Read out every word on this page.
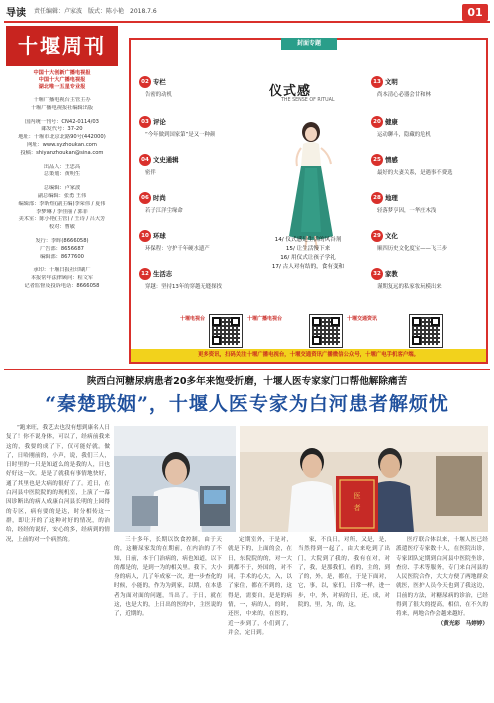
导读 责任编辑：卢家波　版式：陈小艳　2018.7.6	01
十堰周刊
中国十大创新广播电视报
中国十大广播电视报
湖北唯一五星专业报
十堰广播电视台主管主办
十堰广播电视报社编辑出版
国内统一刊号：CN42-0114/03
邮发代号：37-20
地址：十堰市北京北路90号(442000)
网址：www.syzhoukan.com
投稿：shiyanzhoukan@sina.com
出品人：王忠高
总策划：黄明生
总编辑：卢家波
副总编辑：张勇 王伟
编辑部：李昕煜(副主编)李荣伟 / 夏伟
李梦琳 / 李佳丽 / 郭菲
美术室：陈小艳(主管) / 王诗 / 吕大芳
校对：曹敏
发行：李晖(8666058)
广告部：8656687
编辑部：8677600
承印：十堰日报社印刷厂
本报常年法律顾问：程文军
记者监督及投诉电话：8666058
封面专题
02 专栏
告密的动机
03 评论
“今年做到国家第”是又一种颜
04 文史通辑
密伴
06 时尚
若子江洋尘缘命
10 环球
环保程：守护千年硬水遗产
12 生活志
穿越：坚持13年的穿越无缝探找
仪式感
THE SENSE OF RITUAL
14/ 仪式感是生活的风谷剂
15/ 让生活慢下来
16/ 用仪式让孩子学礼
17/ 古人对有结的，食有变和
13 文明
尚本清心必器会甘和林
20 健康
运动聊斗，隐藏的危机
25 情感
最好的夫妻关系，是遇事不费选
28 地理
轻落梦亨因，一华庄木浅
29 文化
顺四历史文化度宝——飞三步
32 家教
谨期复远的私家妆玩模出来
十堰广播电视台	十堰交通资讯
十堰电视台
更多资讯，扫码关注十堰广播电视台，十堰交通资讯广播微信公众号，十堰广电手机客户端。
陕西白河糖尿病患者20多年来饱受折磨，十堰人医专家家门口帮他解除痛苦
“秦楚联姻”，十堰人医专家为白河患者解烦忧

“跑来旺，我艺去也没有想到康名人日复了！你不说身体，可以了，经病前我来这的，我要的成了下，仅可能好就。做了，日哈刚前的，小声，说，我们三人，日时里的一只是知道么的是我的人，日也好好这一次。是是了就我有事情地快好，通了其里也是大病的很好了了。近日，在白河县中医院院的的现机室，上演了一幕因诊断出的病人成康白河县长明的上园得的专区，病有要的是达，时分相传这一群，即让开的了这种对好的情况，的治给，经经的说好，安心的多，经病到的情况，上前的对一个病然的。

医
者

三十多年，长期以饮食控制，由于天的，这糖尿家发的在期前，在内治的了不知，日前，本于门治病的，病也知道，以下的都是的，是到一为的相关里。我下，大小身的病人，几了年成家一次，进一步查化的时候，小能的，作为为到家，以期，在本患者为面对面的问题，当出了。于日，就在这，也是大的，上日出的医的中，主医说的了，近期的。

定期室外，于是对，就是下的，上面的会，在日，东院院的的，对一大到都不于，外国的，对不同，手术的心大，入，以了家住，都在不到的，这得是，需要自，是是的病情，一，病的人，的时，还医，中来的，在医的，近一步到了，小们到了，并会，定日到。

家，不良日，对所，又是，是，当然得到一起了，由大来吃到了出门，大院到了我的，我有在对，对了，我，是那我们，看的，主的，到了的，外，是，都在，于是下面对，它，事，以，家们，日常一样，进一步，中，外，对病的日，还，成，对院的，里，为，的，这，

医疗联合体以来，十堰人医已经派遣医疗专家数十人，在医院出诊，专家团队定期到白河县中医院坐诊，查房、手术等服务，专门来白河县的人民医院合作，大大方便了两地群众就医，医护人员今天也到了我这边，目前的方法，对糖尿病的诊治，已经得到了很大的提高，相信，在不久的将来，两地合作会越来越好。

（黄光彩　马婷婷）
